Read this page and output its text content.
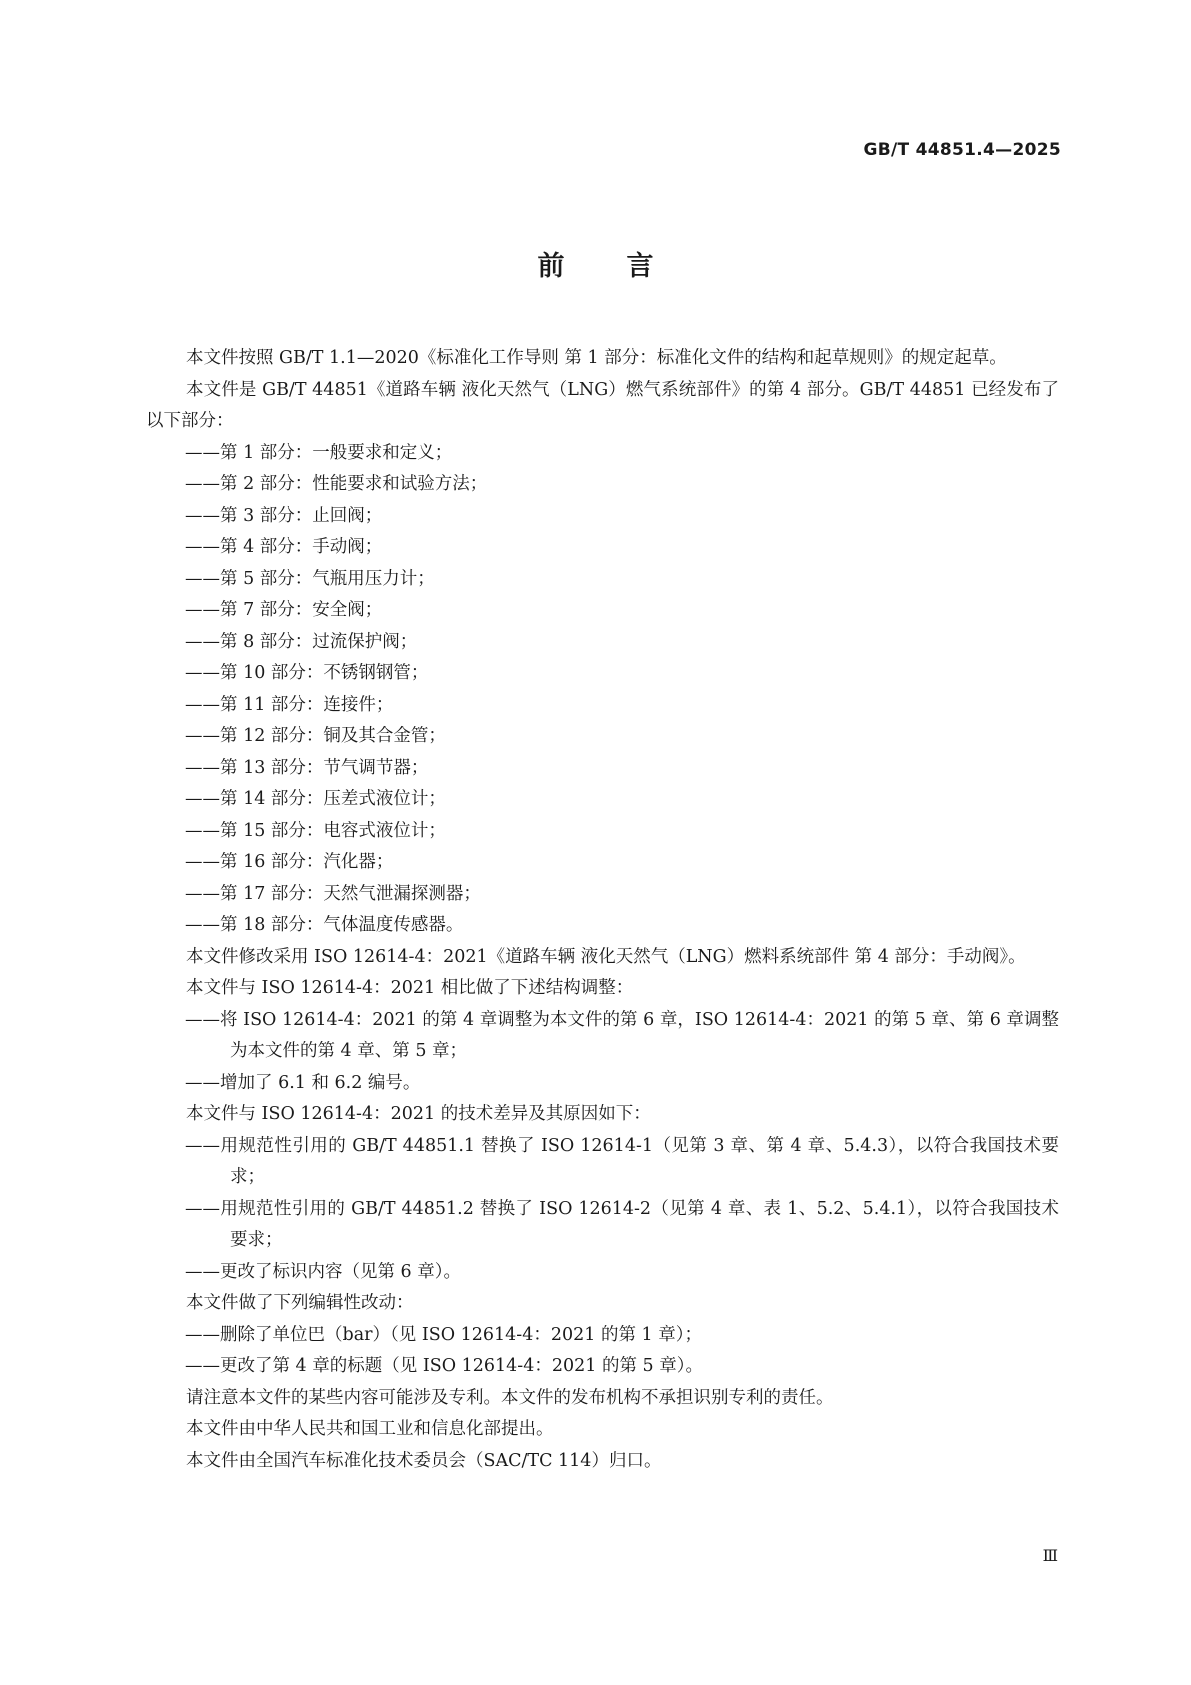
GB/T 44851.4—2025
前言

本文件按照 GB/T 1.1—2020《标准化工作导则 第 1 部分：标准化文件的结构和起草规则》的规定起草。

本文件是 GB/T 44851《道路车辆 液化天然气（LNG）燃气系统部件》的第 4 部分。GB/T 44851 已经发布了以下部分：

——第 1 部分：一般要求和定义；

——第 2 部分：性能要求和试验方法；

——第 3 部分：止回阀；

——第 4 部分：手动阀；

——第 5 部分：气瓶用压力计；

——第 7 部分：安全阀；

——第 8 部分：过流保护阀；

——第 10 部分：不锈钢钢管；

——第 11 部分：连接件；

——第 12 部分：铜及其合金管；

——第 13 部分：节气调节器；

——第 14 部分：压差式液位计；

——第 15 部分：电容式液位计；

——第 16 部分：汽化器；

——第 17 部分：天然气泄漏探测器；

——第 18 部分：气体温度传感器。

本文件修改采用 ISO 12614-4：2021《道路车辆 液化天然气（LNG）燃料系统部件 第 4 部分：手动阀》。

本文件与 ISO 12614-4：2021 相比做了下述结构调整：

——将 ISO 12614-4：2021 的第 4 章调整为本文件的第 6 章，ISO 12614-4：2021 的第 5 章、第 6 章调整为本文件的第 4 章、第 5 章；

——增加了 6.1 和 6.2 编号。

本文件与 ISO 12614-4：2021 的技术差异及其原因如下：

——用规范性引用的 GB/T 44851.1 替换了 ISO 12614-1（见第 3 章、第 4 章、5.4.3），以符合我国技术要求；

——用规范性引用的 GB/T 44851.2 替换了 ISO 12614-2（见第 4 章、表 1、5.2、5.4.1），以符合我国技术要求；

——更改了标识内容（见第 6 章）。

本文件做了下列编辑性改动：

——删除了单位巴（bar）（见 ISO 12614-4：2021 的第 1 章）；

——更改了第 4 章的标题（见 ISO 12614-4：2021 的第 5 章）。

请注意本文件的某些内容可能涉及专利。本文件的发布机构不承担识别专利的责任。

本文件由中华人民共和国工业和信息化部提出。

本文件由全国汽车标准化技术委员会（SAC/TC 114）归口。

Ⅲ
